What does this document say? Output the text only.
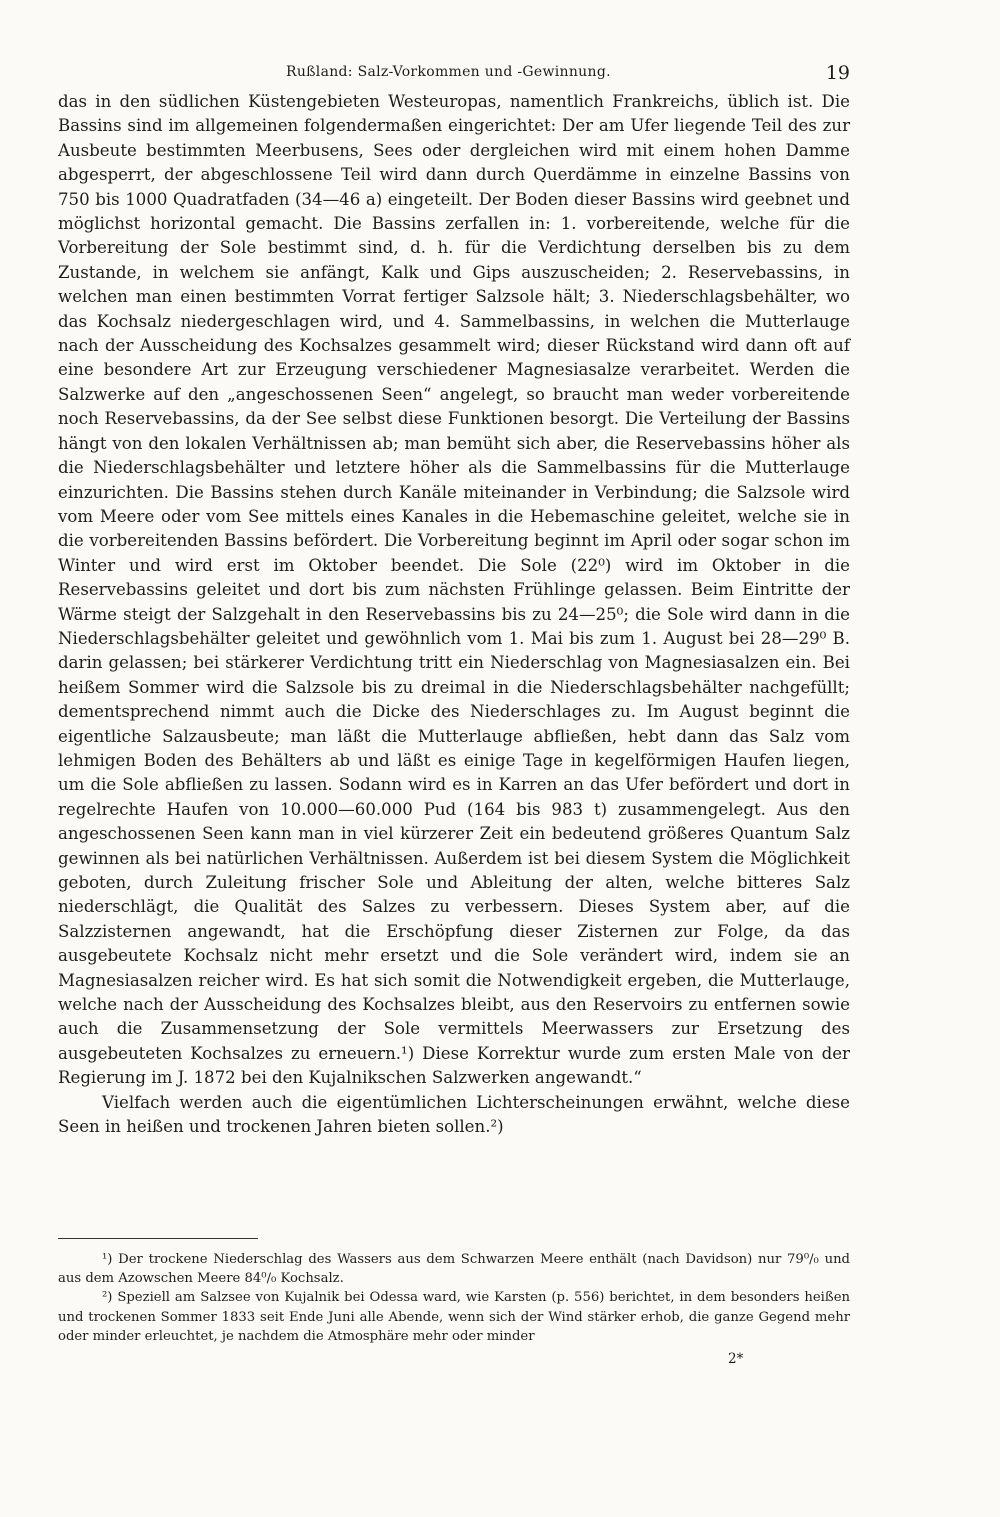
Rußland: Salz-Vorkommen und -Gewinnung.	19

das in den südlichen Küstengebieten Westeuropas, namentlich Frankreichs, üblich ist. Die Bassins sind im allgemeinen folgendermaßen eingerichtet: Der am Ufer liegende Teil des zur Ausbeute bestimmten Meerbusens, Sees oder dergleichen wird mit einem hohen Damme abgesperrt, der abgeschlossene Teil wird dann durch Querdämme in einzelne Bassins von 750 bis 1000 Quadratfaden (34—46 a) eingeteilt. Der Boden dieser Bassins wird geebnet und möglichst horizontal gemacht. Die Bassins zerfallen in: 1. vorbereitende, welche für die Vorbereitung der Sole bestimmt sind, d. h. für die Verdichtung derselben bis zu dem Zustande, in welchem sie anfängt, Kalk und Gips auszuscheiden; 2. Reservebassins, in welchen man einen bestimmten Vorrat fertiger Salzsole hält; 3. Niederschlagsbehälter, wo das Kochsalz niedergeschlagen wird, und 4. Sammelbassins, in welchen die Mutterlauge nach der Ausscheidung des Kochsalzes gesammelt wird; dieser Rückstand wird dann oft auf eine besondere Art zur Erzeugung verschiedener Magnesiasalze verarbeitet. Werden die Salzwerke auf den „angeschossenen Seen“ angelegt, so braucht man weder vorbereitende noch Reservebassins, da der See selbst diese Funktionen besorgt. Die Verteilung der Bassins hängt von den lokalen Verhältnissen ab; man bemüht sich aber, die Reservebassins höher als die Niederschlagsbehälter und letztere höher als die Sammelbassins für die Mutterlauge einzurichten. Die Bassins stehen durch Kanäle miteinander in Verbindung; die Salzsole wird vom Meere oder vom See mittels eines Kanales in die Hebemaschine geleitet, welche sie in die vorbereitenden Bassins befördert. Die Vorbereitung beginnt im April oder sogar schon im Winter und wird erst im Oktober beendet. Die Sole (22⁰) wird im Oktober in die Reservebassins geleitet und dort bis zum nächsten Frühlinge gelassen. Beim Eintritte der Wärme steigt der Salzgehalt in den Reservebassins bis zu 24—25⁰; die Sole wird dann in die Niederschlagsbehälter geleitet und gewöhnlich vom 1. Mai bis zum 1. August bei 28—29⁰ B. darin gelassen; bei stärkerer Verdichtung tritt ein Niederschlag von Magnesiasalzen ein. Bei heißem Sommer wird die Salzsole bis zu dreimal in die Niederschlagsbehälter nachgefüllt; dementsprechend nimmt auch die Dicke des Niederschlages zu. Im August beginnt die eigentliche Salzausbeute; man läßt die Mutterlauge abfließen, hebt dann das Salz vom lehmigen Boden des Behälters ab und läßt es einige Tage in kegelförmigen Haufen liegen, um die Sole abfließen zu lassen. Sodann wird es in Karren an das Ufer befördert und dort in regelrechte Haufen von 10.000—60.000 Pud (164 bis 983 t) zusammengelegt. Aus den angeschossenen Seen kann man in viel kürzerer Zeit ein bedeutend größeres Quantum Salz gewinnen als bei natürlichen Verhältnissen. Außerdem ist bei diesem System die Möglichkeit geboten, durch Zuleitung frischer Sole und Ableitung der alten, welche bitteres Salz niederschlägt, die Qualität des Salzes zu verbessern. Dieses System aber, auf die Salzzisternen angewandt, hat die Erschöpfung dieser Zisternen zur Folge, da das ausgebeutete Kochsalz nicht mehr ersetzt und die Sole verändert wird, indem sie an Magnesiasalzen reicher wird. Es hat sich somit die Notwendigkeit ergeben, die Mutterlauge, welche nach der Ausscheidung des Kochsalzes bleibt, aus den Reservoirs zu entfernen sowie auch die Zusammensetzung der Sole vermittels Meerwassers zur Ersetzung des ausgebeuteten Kochsalzes zu erneuern.¹) Diese Korrektur wurde zum ersten Male von der Regierung im J. 1872 bei den Kujalnikschen Salzwerken angewandt.“

Vielfach werden auch die eigentümlichen Lichterscheinungen erwähnt, welche diese Seen in heißen und trockenen Jahren bieten sollen.²)

¹) Der trockene Niederschlag des Wassers aus dem Schwarzen Meere enthält (nach Davidson) nur 79⁰/₀ und aus dem Azowschen Meere 84⁰/₀ Kochsalz.

²) Speziell am Salzsee von Kujalnik bei Odessa ward, wie Karsten (p. 556) berichtet, in dem besonders heißen und trockenen Sommer 1833 seit Ende Juni alle Abende, wenn sich der Wind stärker erhob, die ganze Gegend mehr oder minder erleuchtet, je nachdem die Atmosphäre mehr oder minder

2*
